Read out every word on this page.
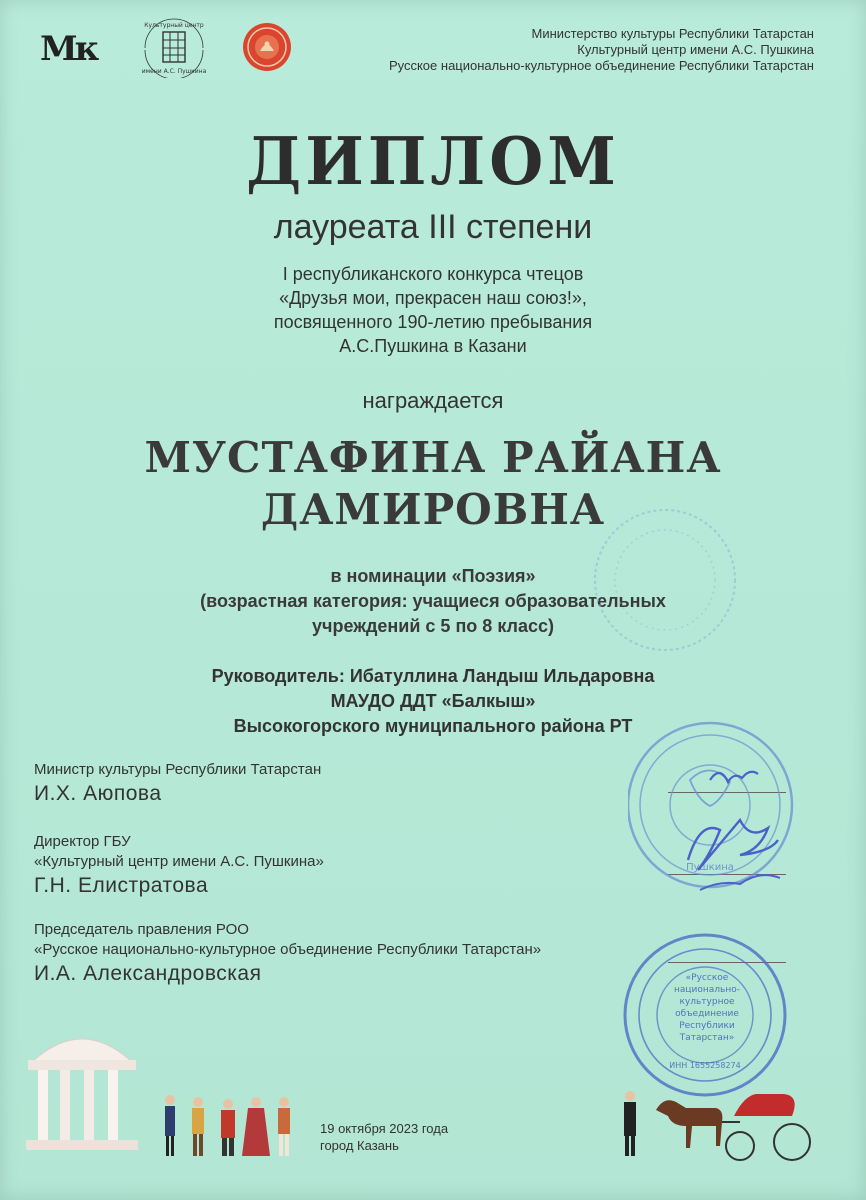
Мк
Культурный центр
имени А.С. Пушкина
Министерство культуры Республики Татарстан
Культурный центр имени А.С. Пушкина
Русское национально-культурное объединение Республики Татарстан
ДИПЛОМ
лауреата III степени
I республиканского конкурса чтецов
«Друзья мои, прекрасен наш союз!»,
посвященного 190-летию пребывания
А.С.Пушкина в Казани
награждается
МУСТАФИНА РАЙАНА
ДАМИРОВНА
в номинации «Поэзия»
(возрастная категория: учащиеся образовательных
учреждений с 5 по 8 класс)
Руководитель: Ибатуллина Ландыш Ильдаровна
МАУДО ДДТ «Балкыш»
Высокогорского муниципального района РТ
Министр культуры Республики Татарстан
И.Х. Аюпова
Директор ГБУ
«Культурный центр имени А.С. Пушкина»
Г.Н. Елистратова
Председатель правления РОО
«Русское национально-культурное объединение Республики Татарстан»
И.А. Александровская
Пушкина
ИНН 1655258274
«Русское национально-культурное объединение Республики Татарстан»
19 октября 2023 года
город Казань
